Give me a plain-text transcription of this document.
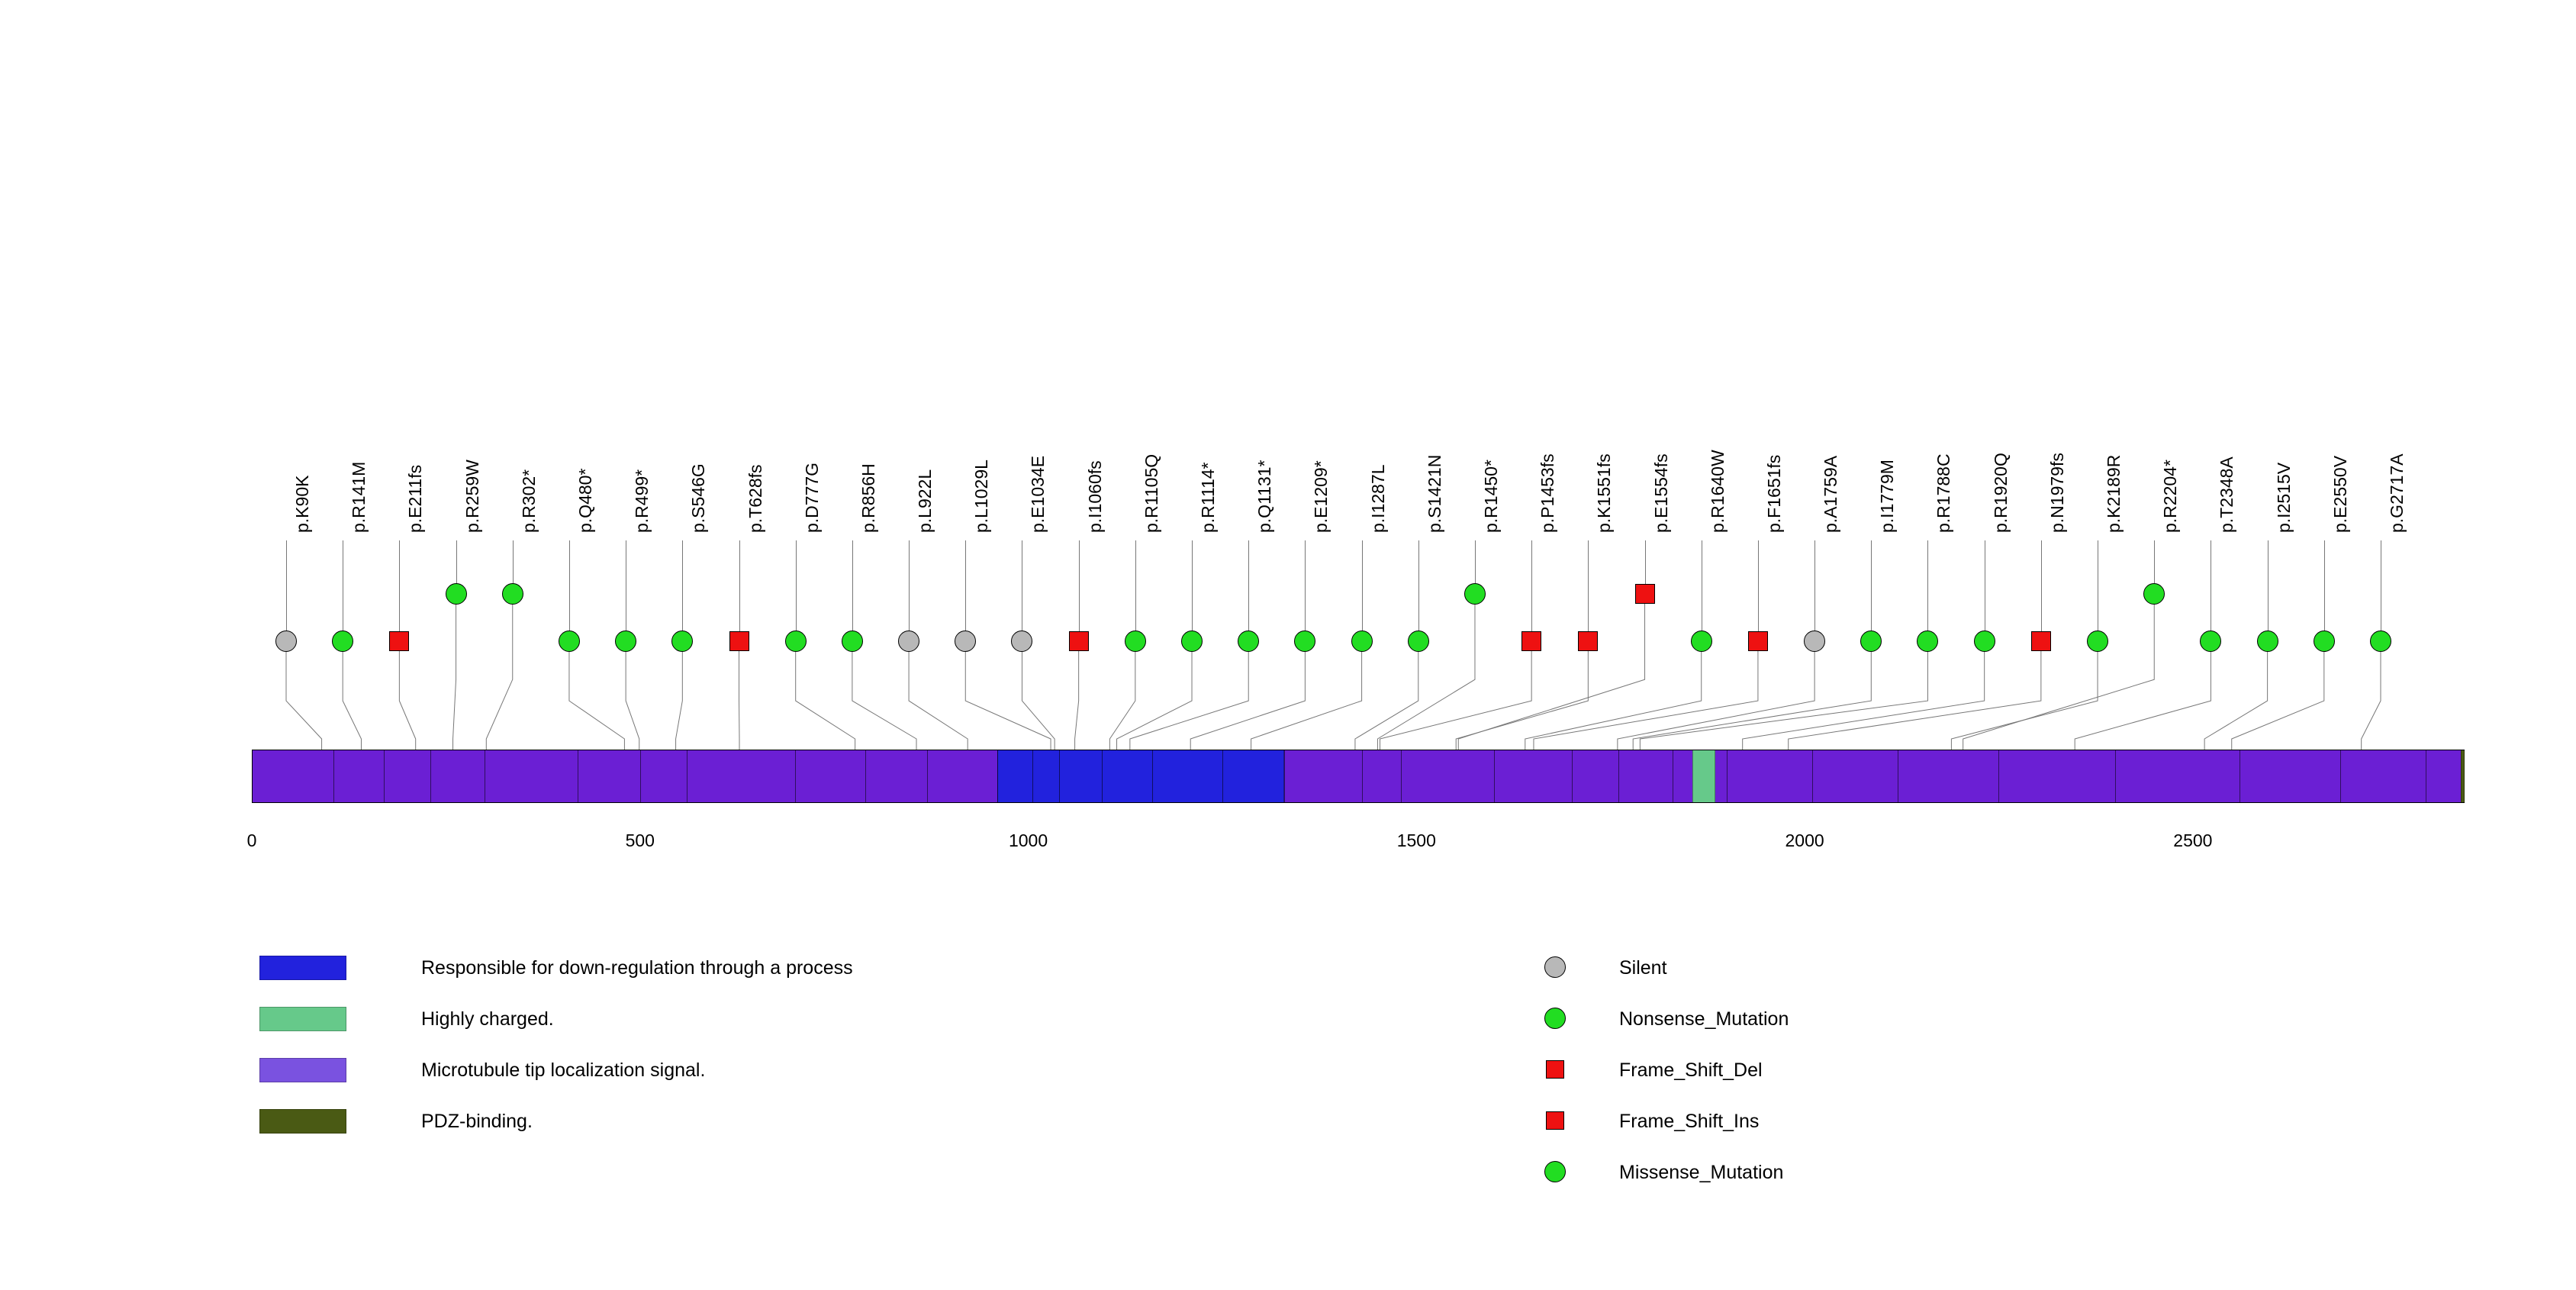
0	500	1000	1500	2000	2500
p.K90K p.R141M p.E211fs p.R259W p.R302* p.Q480* p.R499* p.S546G p.T628fs p.D777G p.R856H p.L922L p.L1029L p.E1034E p.I1060fs p.R1105Q p.R1114* p.Q1131* p.E1209* p.I1287L p.S1421N p.R1450* p.P1453fs p.K1551fs p.E1554fs p.R1640W p.F1651fs p.A1759A p.I1779M p.R1788C p.R1920Q p.N1979fs p.K2189R p.R2204* p.T2348A p.I2515V p.E2550V p.G2717A
Responsible for down-regulation through a process
Highly charged.
Microtubule tip localization signal.
PDZ-binding.
Silent
Nonsense_Mutation
Frame_Shift_Del
Frame_Shift_Ins
Missense_Mutation
